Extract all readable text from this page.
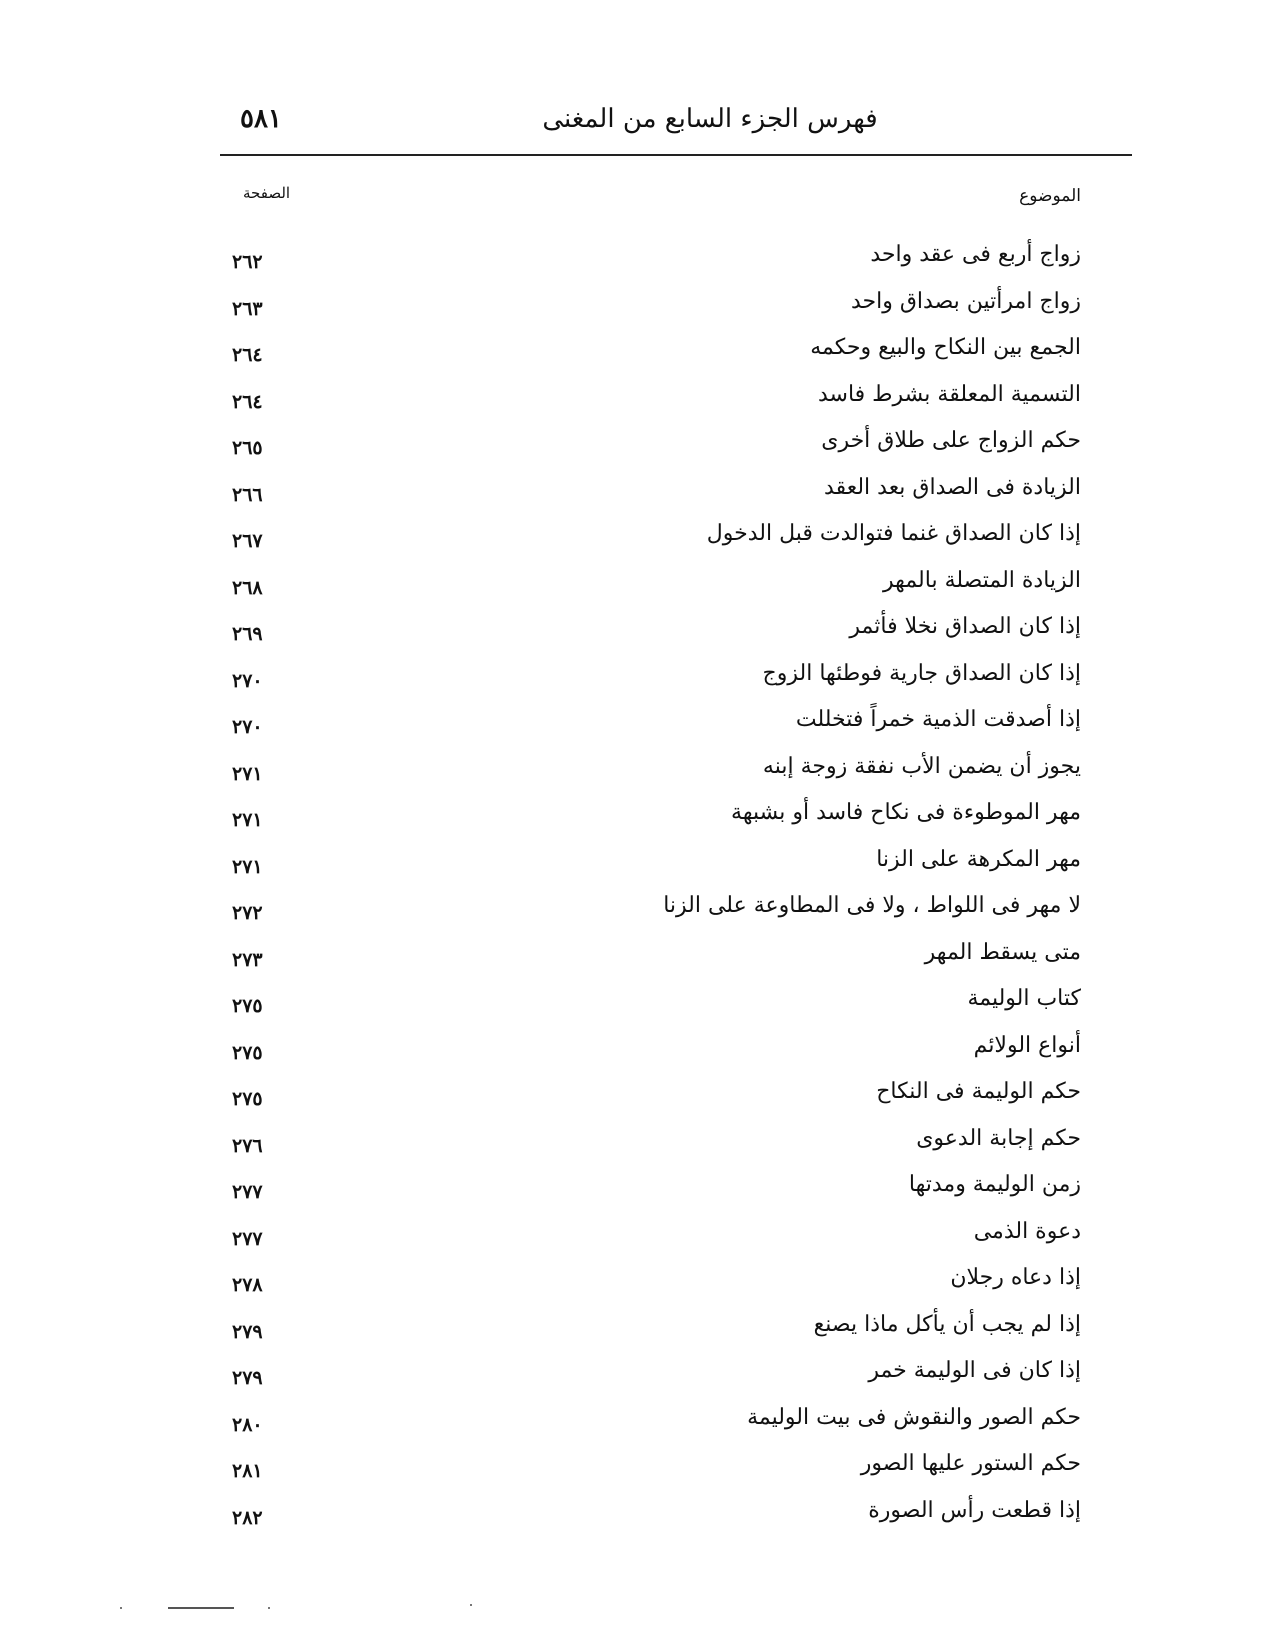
٥٨١	فهرس الجزء السابع من المغنى
الموضوع
الصفحة
زواج أربع فى عقد واحد
٢٦٢
زواج امرأتين بصداق واحد
٢٦٣
الجمع بين النكاح والبيع وحكمه
٢٦٤
التسمية المعلقة بشرط فاسد
٢٦٤
حكم الزواج على طلاق أخرى
٢٦٥
الزيادة فى الصداق بعد العقد
٢٦٦
إذا كان الصداق غنما فتوالدت قبل الدخول
٢٦٧
الزيادة المتصلة بالمهر
٢٦٨
إذا كان الصداق نخلا فأثمر
٢٦٩
إذا كان الصداق جارية فوطئها الزوج
٢٧٠
إذا أصدقت الذمية خمراً فتخللت
٢٧٠
يجوز أن يضمن الأب نفقة زوجة إبنه
٢٧١
مهر الموطوءة فى نكاح فاسد أو بشبهة
٢٧١
مهر المكرهة على الزنا
٢٧١
لا مهر فى اللواط ، ولا فى المطاوعة على الزنا
٢٧٢
متى يسقط المهر
٢٧٣
كتاب الوليمة
٢٧٥
أنواع الولائم
٢٧٥
حكم الوليمة فى النكاح
٢٧٥
حكم إجابة الدعوى
٢٧٦
زمن الوليمة ومدتها
٢٧٧
دعوة الذمى
٢٧٧
إذا دعاه رجلان
٢٧٨
إذا لم يجب أن يأكل ماذا يصنع
٢٧٩
إذا كان فى الوليمة خمر
٢٧٩
حكم الصور والنقوش فى بيت الوليمة
٢٨٠
حكم الستور عليها الصور
٢٨١
إذا قطعت رأس الصورة
٢٨٢
